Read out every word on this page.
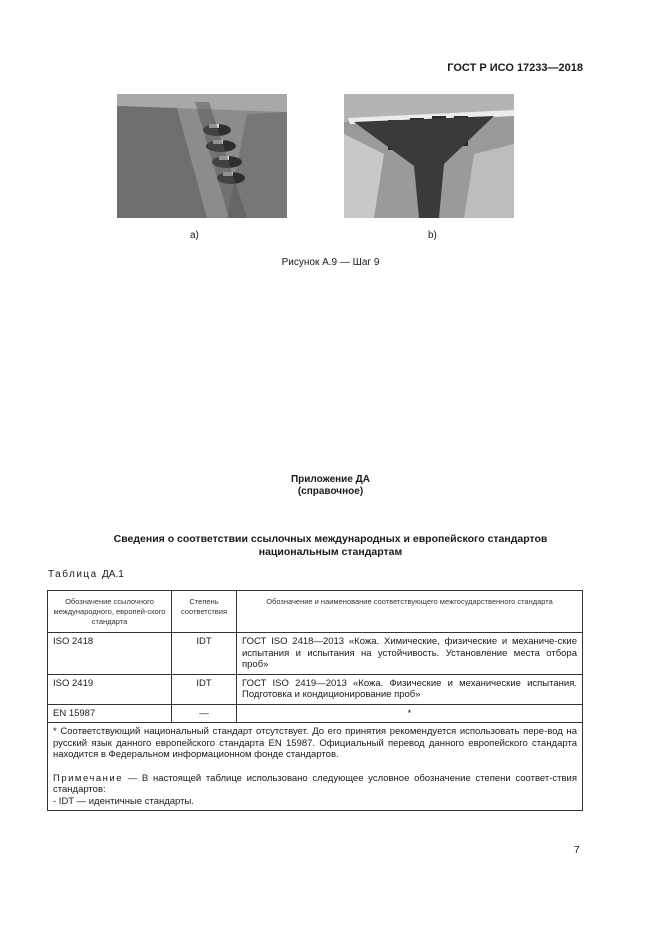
ГОСТ Р ИСО 17233—2018
a)	b)
Рисунок А.9 — Шаг 9
Приложение ДА
(справочное)
Сведения о соответствии ссылочных международных и европейского стандартов
национальным стандартам
Таблица ДА.1
Обозначение ссылочного международного, европей-ского стандарта	Степень соответствия	Обозначение и наименование соответствующего межгосударственного стандарта
ISO 2418	IDT	ГОСТ ISO 2418—2013 «Кожа. Химические, физические и механиче-ские испытания и испытания на устойчивость. Установление места отбора проб»
ISO 2419	IDT	ГОСТ ISO 2419—2013 «Кожа. Физические и механические испытания. Подготовка и кондиционирование проб»
EN 15987	—	*

* Соответствующий национальный стандарт отсутствует. До его принятия рекомендуется использовать пере-вод на русский язык данного европейского стандарта EN 15987. Официальный перевод данного европейского стандарта находится в Федеральном информационном фонде стандартов.

Примечание — В настоящей таблице использовано следующее условное обозначение степени соответ-ствия стандартов:

- IDT — идентичные стандарты.		

7
